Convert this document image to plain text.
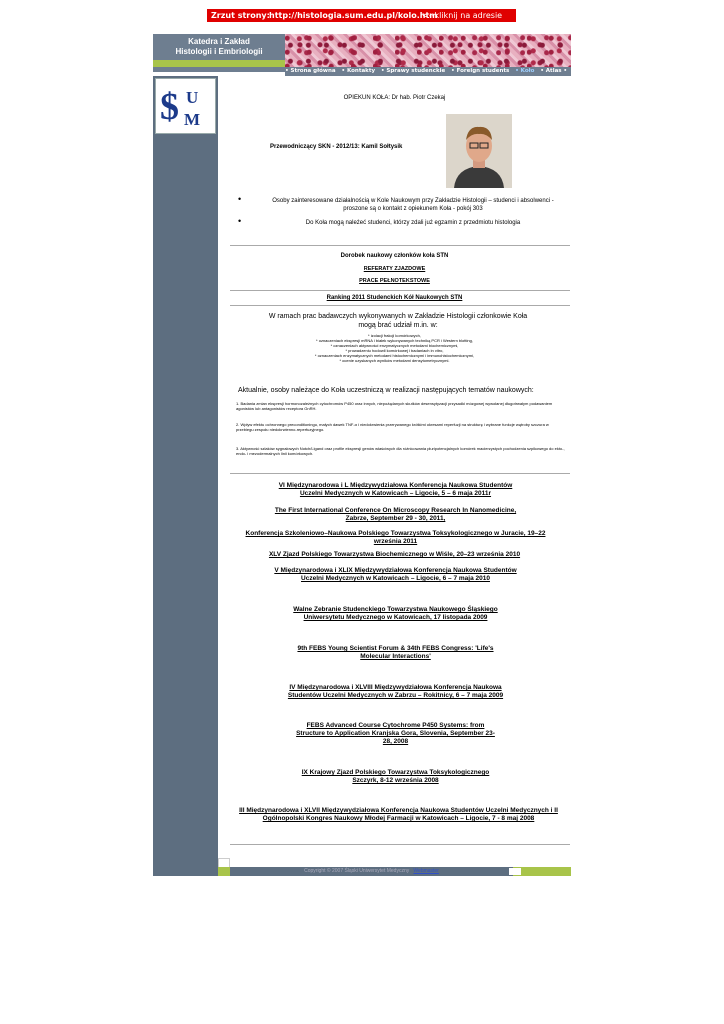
Zrzut strony: http://histologia.sum.edu.pl/kolo.htm
<--kliknij na adresie
Katedra i Zakład
Histologii i Embriologii
• Strona główna • Kontakty • Sprawy studenckie • Foreign students • Koło • Atlas •
$ U
M
OPIEKUN KOŁA: Dr hab. Piotr Czekaj
Przewodniczący SKN - 2012/13: Kamil Sołtysik
•	Osoby zainteresowane działalnością w Kole Naukowym przy Zakładzie Histologii – studenci i absolwenci - proszone są o kontakt z opiekunem Koła - pokój 303
•	Do Koła mogą należeć studenci, którzy zdali już egzamin z przedmiotu histologia
Dorobek naukowy członków koła STN
REFERATY ZJAZDOWE
PRACE PEŁNOTEKSTOWE
Ranking 2011 Studenckich Kół Naukowych STN
W ramach prac badawczych wykonywanych w Zakładzie Histologii członkowie Koła mogą brać udział m.in. w:
* izolacji frakcji komórkowych,
* oznaczeniach ekspresji mRNA i białek wykonywanych techniką PCR i Western blotting,
* oznaczeniach aktywności enzymatycznych metodami biochemicznymi,
* prowadzeniu hodowli komórkowej i badaniach in vitro,
* oznaczeniach enzymatycznych metodami histochemicznymi i immunohistochemicznymi,
* ocenie uzyskanych wyników metodami densytometrycznymi.
Aktualnie, osoby należące do Koła uczestniczą w realizacji następujących tematów naukowych:
1. Badania zmian ekspresji hormonozależnych cytochromów P450 oraz innych, niepożądanych skutków desensytyzacji przysadki mózgowej wywołanej długotrwałym podawaniem agonistów lub antagonistów receptora GnRH.
2. Wpływ efektu ochronnego preconditioningu, małych dawek TNF-α i niedokrwienia przerywanego krótkimi okresami reperfuzji na strukturę i wybrane funkcje wątroby szczura w przebiegu zespołu niedokrwienno-reperfuzyjnego.
3. Aktywność szlaków sygnałowych Notch/Ligand oraz profile ekspresji genów właściwych dla różnicowania pluripotencjalnych komórek macierzystych pochodzenia szpikowego do ekto-, endo- i mezodermalnych linii komórkowych.
VI Międzynarodowa i L Międzywydziałowa Konferencja Naukowa Studentów Uczelni Medycznych w Katowicach – Ligocie, 5 – 6 maja 2011r
The First International Conference On Microscopy Research In Nanomedicine, Zabrze, September 29 - 30, 2011,
Konferencja Szkoleniowo–Naukowa Polskiego Towarzystwa Toksykologicznego w Juracie, 19–22 września 2011
XLV Zjazd Polskiego Towarzystwa Biochemicznego w Wiśle, 20–23 września 2010
V Międzynarodowa i XLIX Międzywydziałowa Konferencja Naukowa Studentów Uczelni Medycznych w Katowicach – Ligocie, 6 – 7 maja 2010
Walne Zebranie Studenckiego Towarzystwa Naukowego Śląskiego Uniwersytetu Medycznego w Katowicach, 17 listopada 2009
9th FEBS Young Scientist Forum & 34th FEBS Congress: 'Life's Molecular Interactions'
IV Międzynarodowa i XLVIII Międzywydziałowa Konferencja Naukowa Studentów Uczelni Medycznych w Zabrzu – Rokitnicy, 6 – 7 maja 2009
FEBS Advanced Course Cytochrome P450 Systems: from Structure to Application Kranjska Gora, Slovenia, September 23-28, 2008
IX Krajowy Zjazd Polskiego Towarzystwa Toksykologicznego Szczyrk, 8-12 września 2008
III Międzynarodowa i XLVII Międzywydziałowa Konferencja Naukowa Studentów Uczelni Medycznych i II Ogólnopolski Kongres Naukowy Młodej Farmacji w Katowicach – Ligocie, 7 - 8 maj 2008
Copyright © 2007 Śląski Uniwersytet Medyczny Webmaster
